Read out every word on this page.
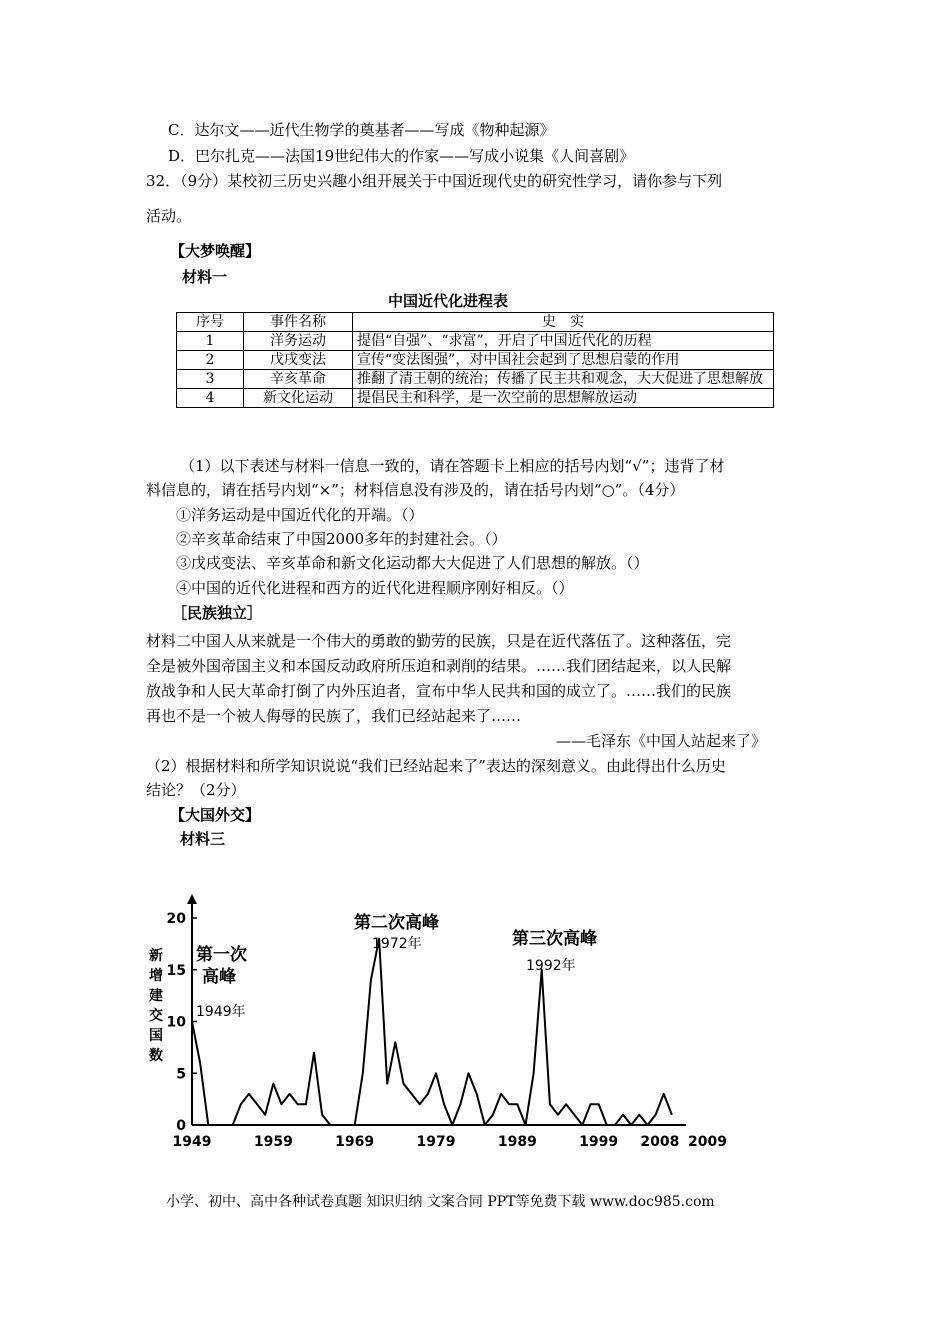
C．达尔文——近代生物学的奠基者——写成《物种起源》
D．巴尔扎克——法国19世纪伟大的作家——写成小说集《人间喜剧》
32．（9分）某校初三历史兴趣小组开展关于中国近现代史的研究性学习，请你参与下列
活动。
【大梦唤醒】
材料一
中国近代化进程表
序号	事件名称	史　实
1	洋务运动	提倡“自强”、“求富”，开启了中国近代化的历程
2	戊戌变法	宣传“变法图强”，对中国社会起到了思想启蒙的作用
3	辛亥革命	推翻了清王朝的统治；传播了民主共和观念，大大促进了思想解放
4	新文化运动	提倡民主和科学，是一次空前的思想解放运动
（1）以下表述与材料一信息一致的，请在答题卡上相应的括号内划“√”；违背了材
料信息的，请在括号内划“×”；材料信息没有涉及的，请在括号内划“○”。（4分）
①洋务运动是中国近代化的开端。（）
②辛亥革命结束了中国2000多年的封建社会。（）
③戊戌变法、辛亥革命和新文化运动都大大促进了人们思想的解放。（）
④中国的近代化进程和西方的近代化进程顺序刚好相反。（）
［民族独立］
材料二中国人从来就是一个伟大的勇敢的勤劳的民族，只是在近代落伍了。这种落伍，完
全是被外国帝国主义和本国反动政府所压迫和剥削的结果。……我们团结起来，以人民解
放战争和人民大革命打倒了内外压迫者，宣布中华人民共和国的成立了。……我们的民族
再也不是一个被人侮辱的民族了，我们已经站起来了……
——毛泽东《中国人站起来了》
（2）根据材料和所学知识说说“我们已经站起来了”表达的深刻意义。由此得出什么历史
结论？（2分）
【大国外交】
材料三
0
5
10
15
20
1949	1959	1969	1979	1989	1999 2008 2009
新
增
建
交
国
数
第一次
高峰
1949年
第二次高峰
1972年	第三次高峰
1992年
小学、初中、高中各种试卷真题 知识归纳 文案合同 PPT等免费下载 www.doc985.com
